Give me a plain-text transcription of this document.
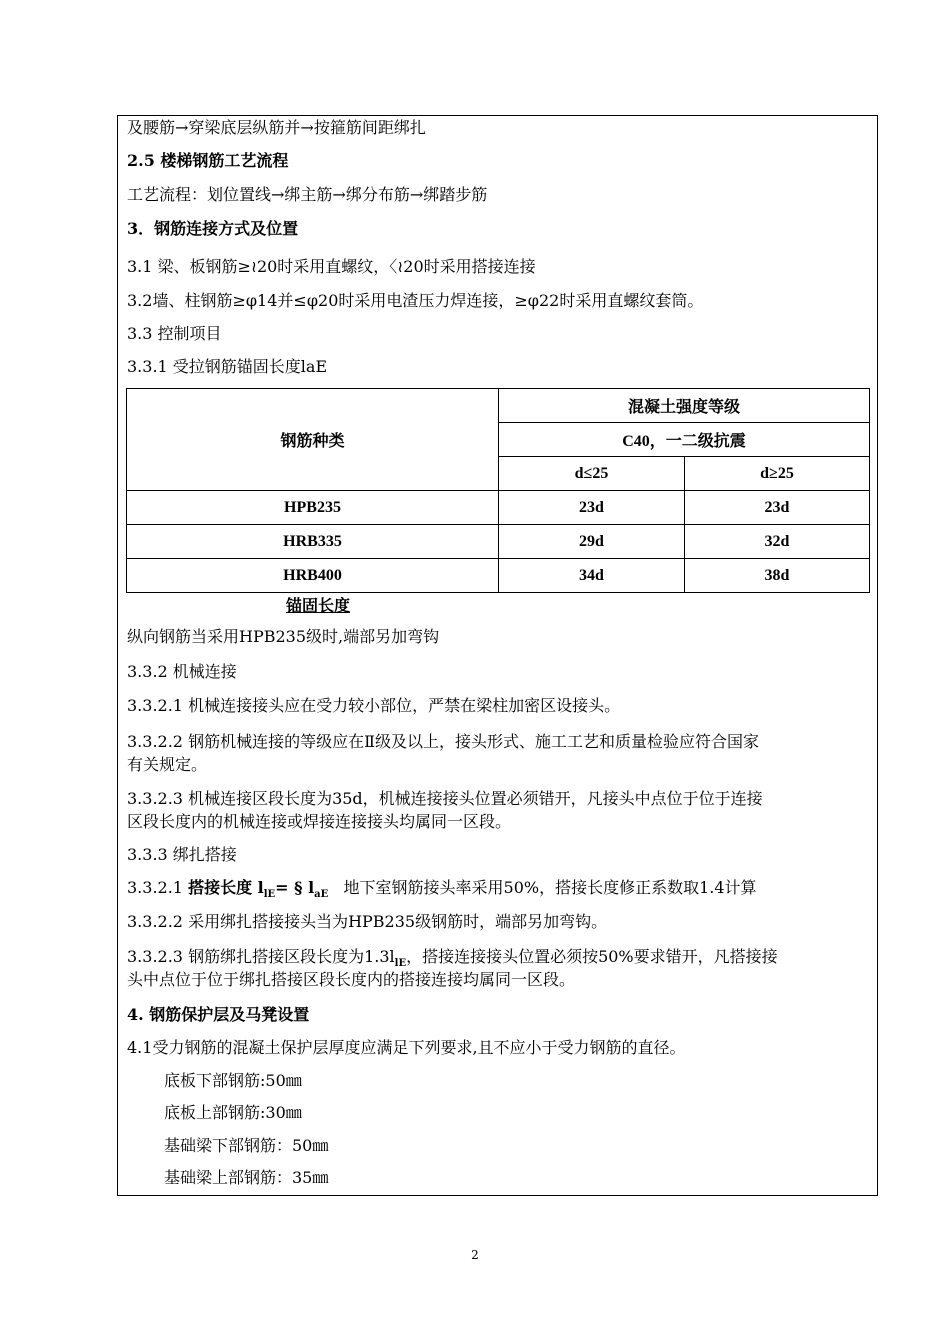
及腰筋→穿梁底层纵筋并→按箍筋间距绑扎
2.5 楼梯钢筋工艺流程
工艺流程：划位置线→绑主筋→绑分布筋→绑踏步筋
3．钢筋连接方式及位置
3.1 梁、板钢筋≥≀20时采用直螺纹，〈≀20时采用搭接连接
3.2墙、柱钢筋≥φ14并≤φ20时采用电渣压力焊连接，≥φ22时采用直螺纹套筒。
3.3 控制项目
3.3.1 受拉钢筋锚固长度laE
钢筋种类	混凝土强度等级	
	C40，一二级抗震	
	d≤25	d≥25
HPB235	23d	23d
HRB335	29d	32d
HRB400	34d	38d
锚固长度
纵向钢筋当采用HPB235级时,端部另加弯钩
3.3.2 机械连接
3.3.2.1 机械连接接头应在受力较小部位，严禁在梁柱加密区设接头。
3.3.2.2 钢筋机械连接的等级应在Ⅱ级及以上，接头形式、施工工艺和质量检验应符合国家
有关规定。
3.3.2.3 机械连接区段长度为35d，机械连接接头位置必须错开，凡接头中点位于位于连接
区段长度内的机械连接或焊接连接接头均属同一区段。
3.3.3 绑扎搭接
3.3.2.1 搭接长度 $l_{lE}=$ § $l_{aE}$ 地下室钢筋接头率采用50%，搭接长度修正系数取1.4计算
3.3.2.2 采用绑扎搭接接头当为HPB235级钢筋时，端部另加弯钩。
3.3.2.3 钢筋绑扎搭接区段长度为$1.3l_{lE}$，搭接连接接头位置必须按50%要求错开，凡搭接接
头中点位于位于绑扎搭接区段长度内的搭接连接均属同一区段。
4. 钢筋保护层及马凳设置
4.1受力钢筋的混凝土保护层厚度应满足下列要求,且不应小于受力钢筋的直径。
底板下部钢筋:50㎜
底板上部钢筋:30㎜
基础梁下部钢筋：50㎜
基础梁上部钢筋：35㎜
2
